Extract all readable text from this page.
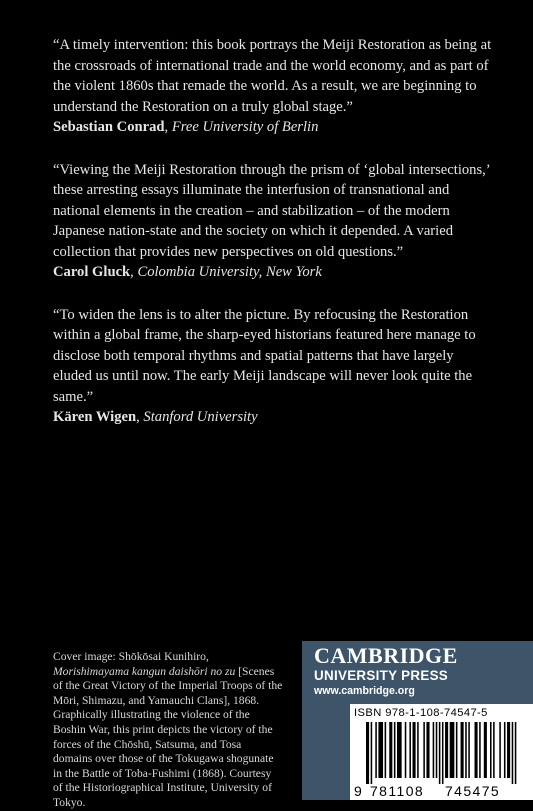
“A timely intervention: this book portrays the Meiji Restoration as being at the crossroads of international trade and the world economy, and as part of the violent 1860s that remade the world. As a result, we are beginning to understand the Restoration on a truly global stage.”

Sebastian Conrad, Free University of Berlin

“Viewing the Meiji Restoration through the prism of ‘global intersections,’ these arresting essays illuminate the interfusion of transnational and national elements in the creation – and stabilization – of the modern Japanese nation-state and the society on which it depended. A varied collection that provides new perspectives on old questions.”

Carol Gluck, Colombia University, New York

“To widen the lens is to alter the picture. By refocusing the Restoration within a global frame, the sharp-eyed historians featured here manage to disclose both temporal rhythms and spatial patterns that have largely eluded us until now. The early Meiji landscape will never look quite the same.”

Kären Wigen, Stanford University

Cover image: Shōkōsai Kunihiro, Morishimayama kangun daishōri no zu [Scenes of the Great Victory of the Imperial Troops of the Mōri, Shimazu, and Yamauchi Clans], 1868. Graphically illustrating the violence of the Boshin War, this print depicts the victory of the forces of the Chōshū, Satsuma, and Tosa domains over those of the Tokugawa shogunate in the Battle of Toba-Fushimi (1868). Courtesy of the Historiographical Institute, University of Tokyo.

CAMBRIDGE
UNIVERSITY PRESS
www.cambridge.org
ISBN 978-1-108-74547-5
9 781108 745475
